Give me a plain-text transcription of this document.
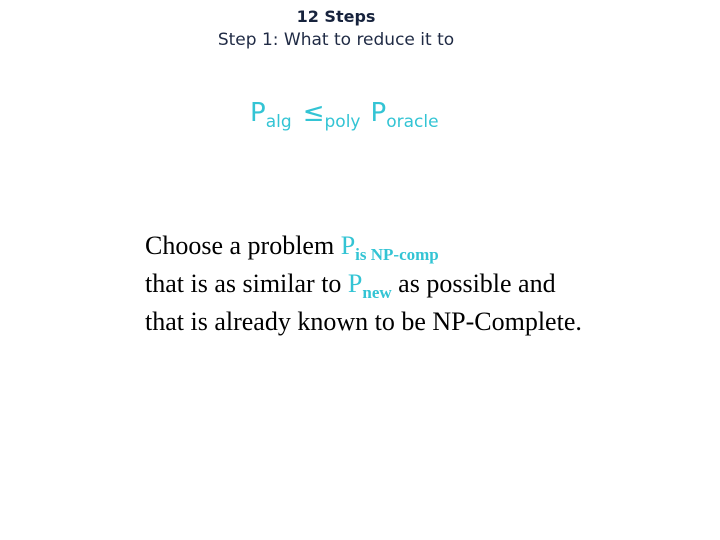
12 Steps
Step 1: What to reduce it to
Palg ≤poly Poracle
Choose a problem $P_{is NP-comp}$
that is as similar to $P_{new}$ as possible and
that is already known to be NP-Complete.
